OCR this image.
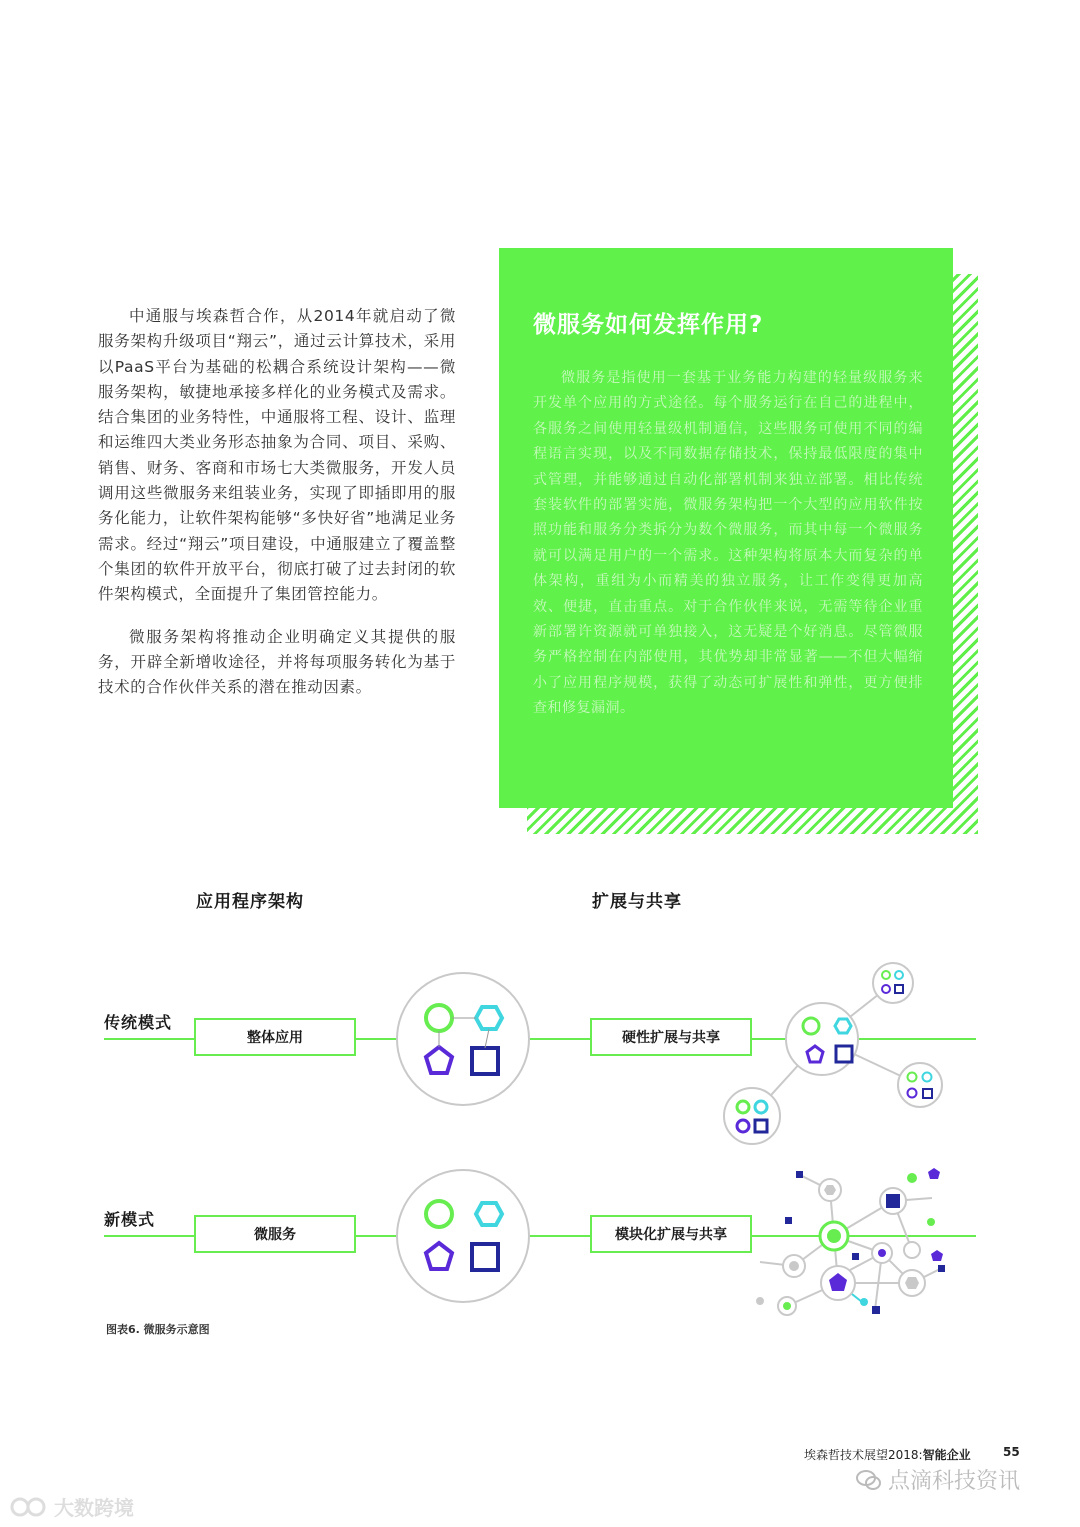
中通服与埃森哲合作，从2014年就启动了微服务架构升级项目“翔云”，通过云计算技术，采用以PaaS平台为基础的松耦合系统设计架构——微服务架构，敏捷地承接多样化的业务模式及需求。结合集团的业务特性，中通服将工程、设计、监理和运维四大类业务形态抽象为合同、项目、采购、销售、财务、客商和市场七大类微服务，开发人员调用这些微服务来组装业务，实现了即插即用的服务化能力，让软件架构能够“多快好省”地满足业务需求。经过“翔云”项目建设，中通服建立了覆盖整个集团的软件开放平台，彻底打破了过去封闭的软件架构模式，全面提升了集团管控能力。

微服务架构将推动企业明确定义其提供的服务，开辟全新增收途径，并将每项服务转化为基于技术的合作伙伴关系的潜在推动因素。

微服务如何发挥作用?

微服务是指使用一套基于业务能力构建的轻量级服务来开发单个应用的方式途径。每个服务运行在自己的进程中，各服务之间使用轻量级机制通信，这些服务可使用不同的编程语言实现，以及不同数据存储技术，保持最低限度的集中式管理，并能够通过自动化部署机制来独立部署。相比传统套装软件的部署实施，微服务架构把一个大型的应用软件按照功能和服务分类拆分为数个微服务，而其中每一个微服务就可以满足用户的一个需求。这种架构将原本大而复杂的单体架构，重组为小而精美的独立服务，让工作变得更加高效、便捷，直击重点。对于合作伙伴来说，无需等待企业重新部署许资源就可单独接入，这无疑是个好消息。尽管微服务严格控制在内部使用，其优势却非常显著——不但大幅缩小了应用程序规模，获得了动态可扩展性和弹性，更方便排查和修复漏洞。

应用程序架构	扩展与共享
传统模式
整体应用	硬性扩展与共享
新模式
微服务	模块化扩展与共享
图表6. 微服务示意图
埃森哲技术展望2018:智能企业	55
点滴科技资讯
大数跨境
